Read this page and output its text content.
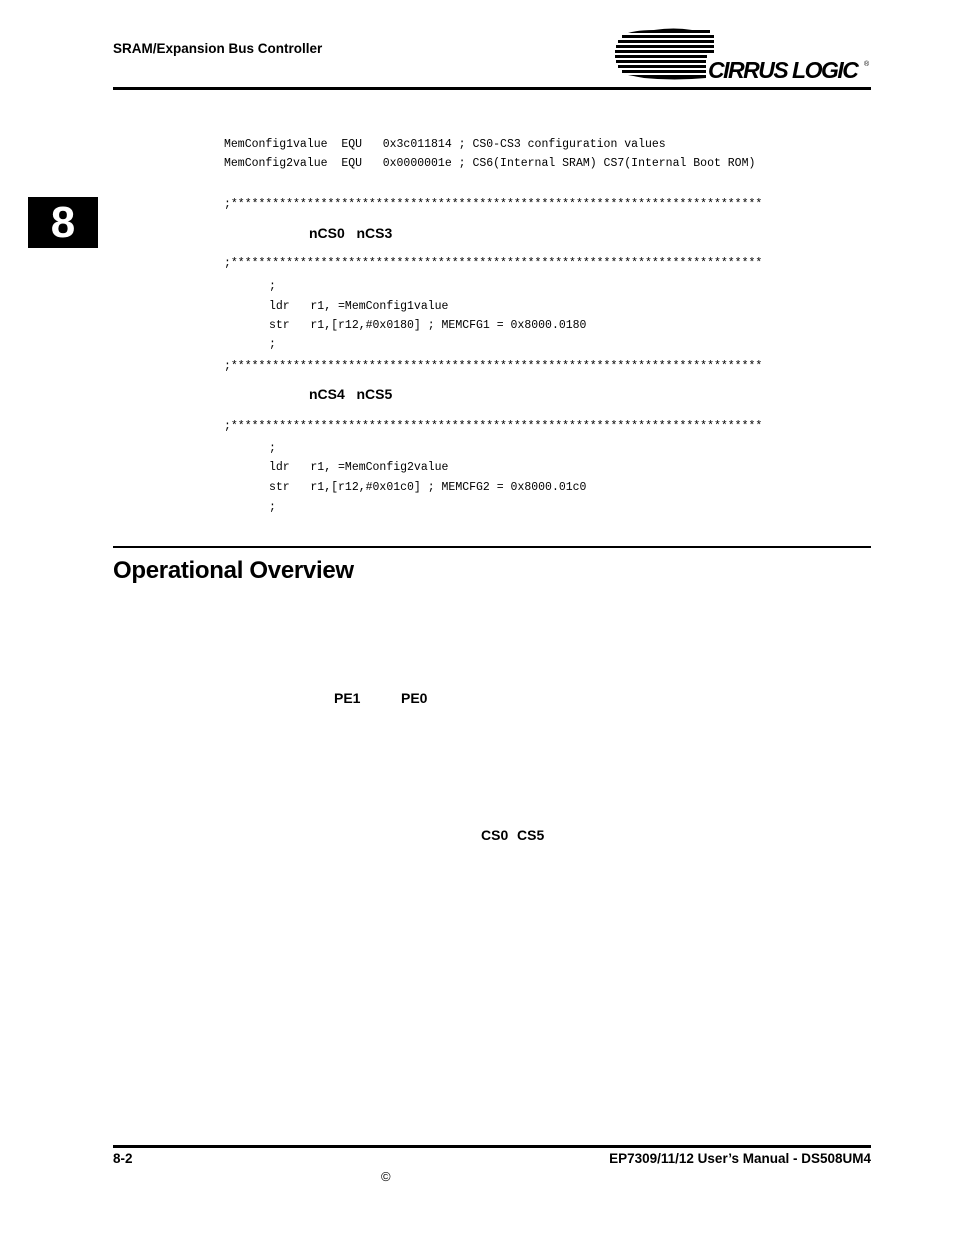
SRAM/Expansion Bus Controller
CIRRUS LOGIC ®
8
MemConfig1value  EQU   0x3c011814 ; CS0-CS3 configuration values
MemConfig2value  EQU   0x0000001e ; CS6(Internal SRAM) CS7(Internal Boot ROM)
;*****************************************************************************
nCS0   nCS3
;*****************************************************************************
;
ldr   r1, =MemConfig1value
str   r1,[r12,#0x0180] ; MEMCFG1 = 0x8000.0180
;
;*****************************************************************************
nCS4   nCS5
;*****************************************************************************
;
ldr   r1, =MemConfig2value
str   r1,[r12,#0x01c0] ; MEMCFG2 = 0x8000.01c0
;
Operational Overview
PE1	PE0
CS0 CS5
8-2	EP7309/11/12 User’s Manual - DS508UM4
©
